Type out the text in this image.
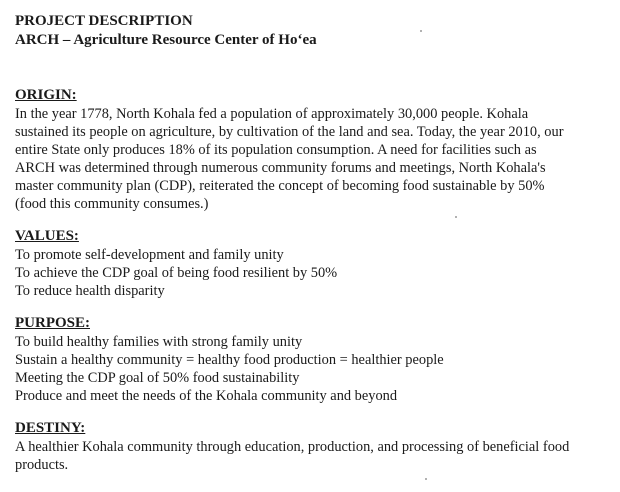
PROJECT DESCRIPTION
ARCH – Agriculture Resource Center of Hoʻea
ORIGIN:
In the year 1778, North Kohala fed a population of approximately 30,000 people. Kohala
sustained its people on agriculture, by cultivation of the land and sea. Today, the year 2010, our
entire State only produces 18% of its population consumption. A need for facilities such as
ARCH was determined through numerous community forums and meetings, North Kohala's
master community plan (CDP), reiterated the concept of becoming food sustainable by 50%
(food this community consumes.)
VALUES:
To promote self-development and family unity
To achieve the CDP goal of being food resilient by 50%
To reduce health disparity
PURPOSE:
To build healthy families with strong family unity
Sustain a healthy community = healthy food production = healthier people
Meeting the CDP goal of 50% food sustainability
Produce and meet the needs of the Kohala community and beyond
DESTINY:
A healthier Kohala community through education, production, and processing of beneficial food
products.
